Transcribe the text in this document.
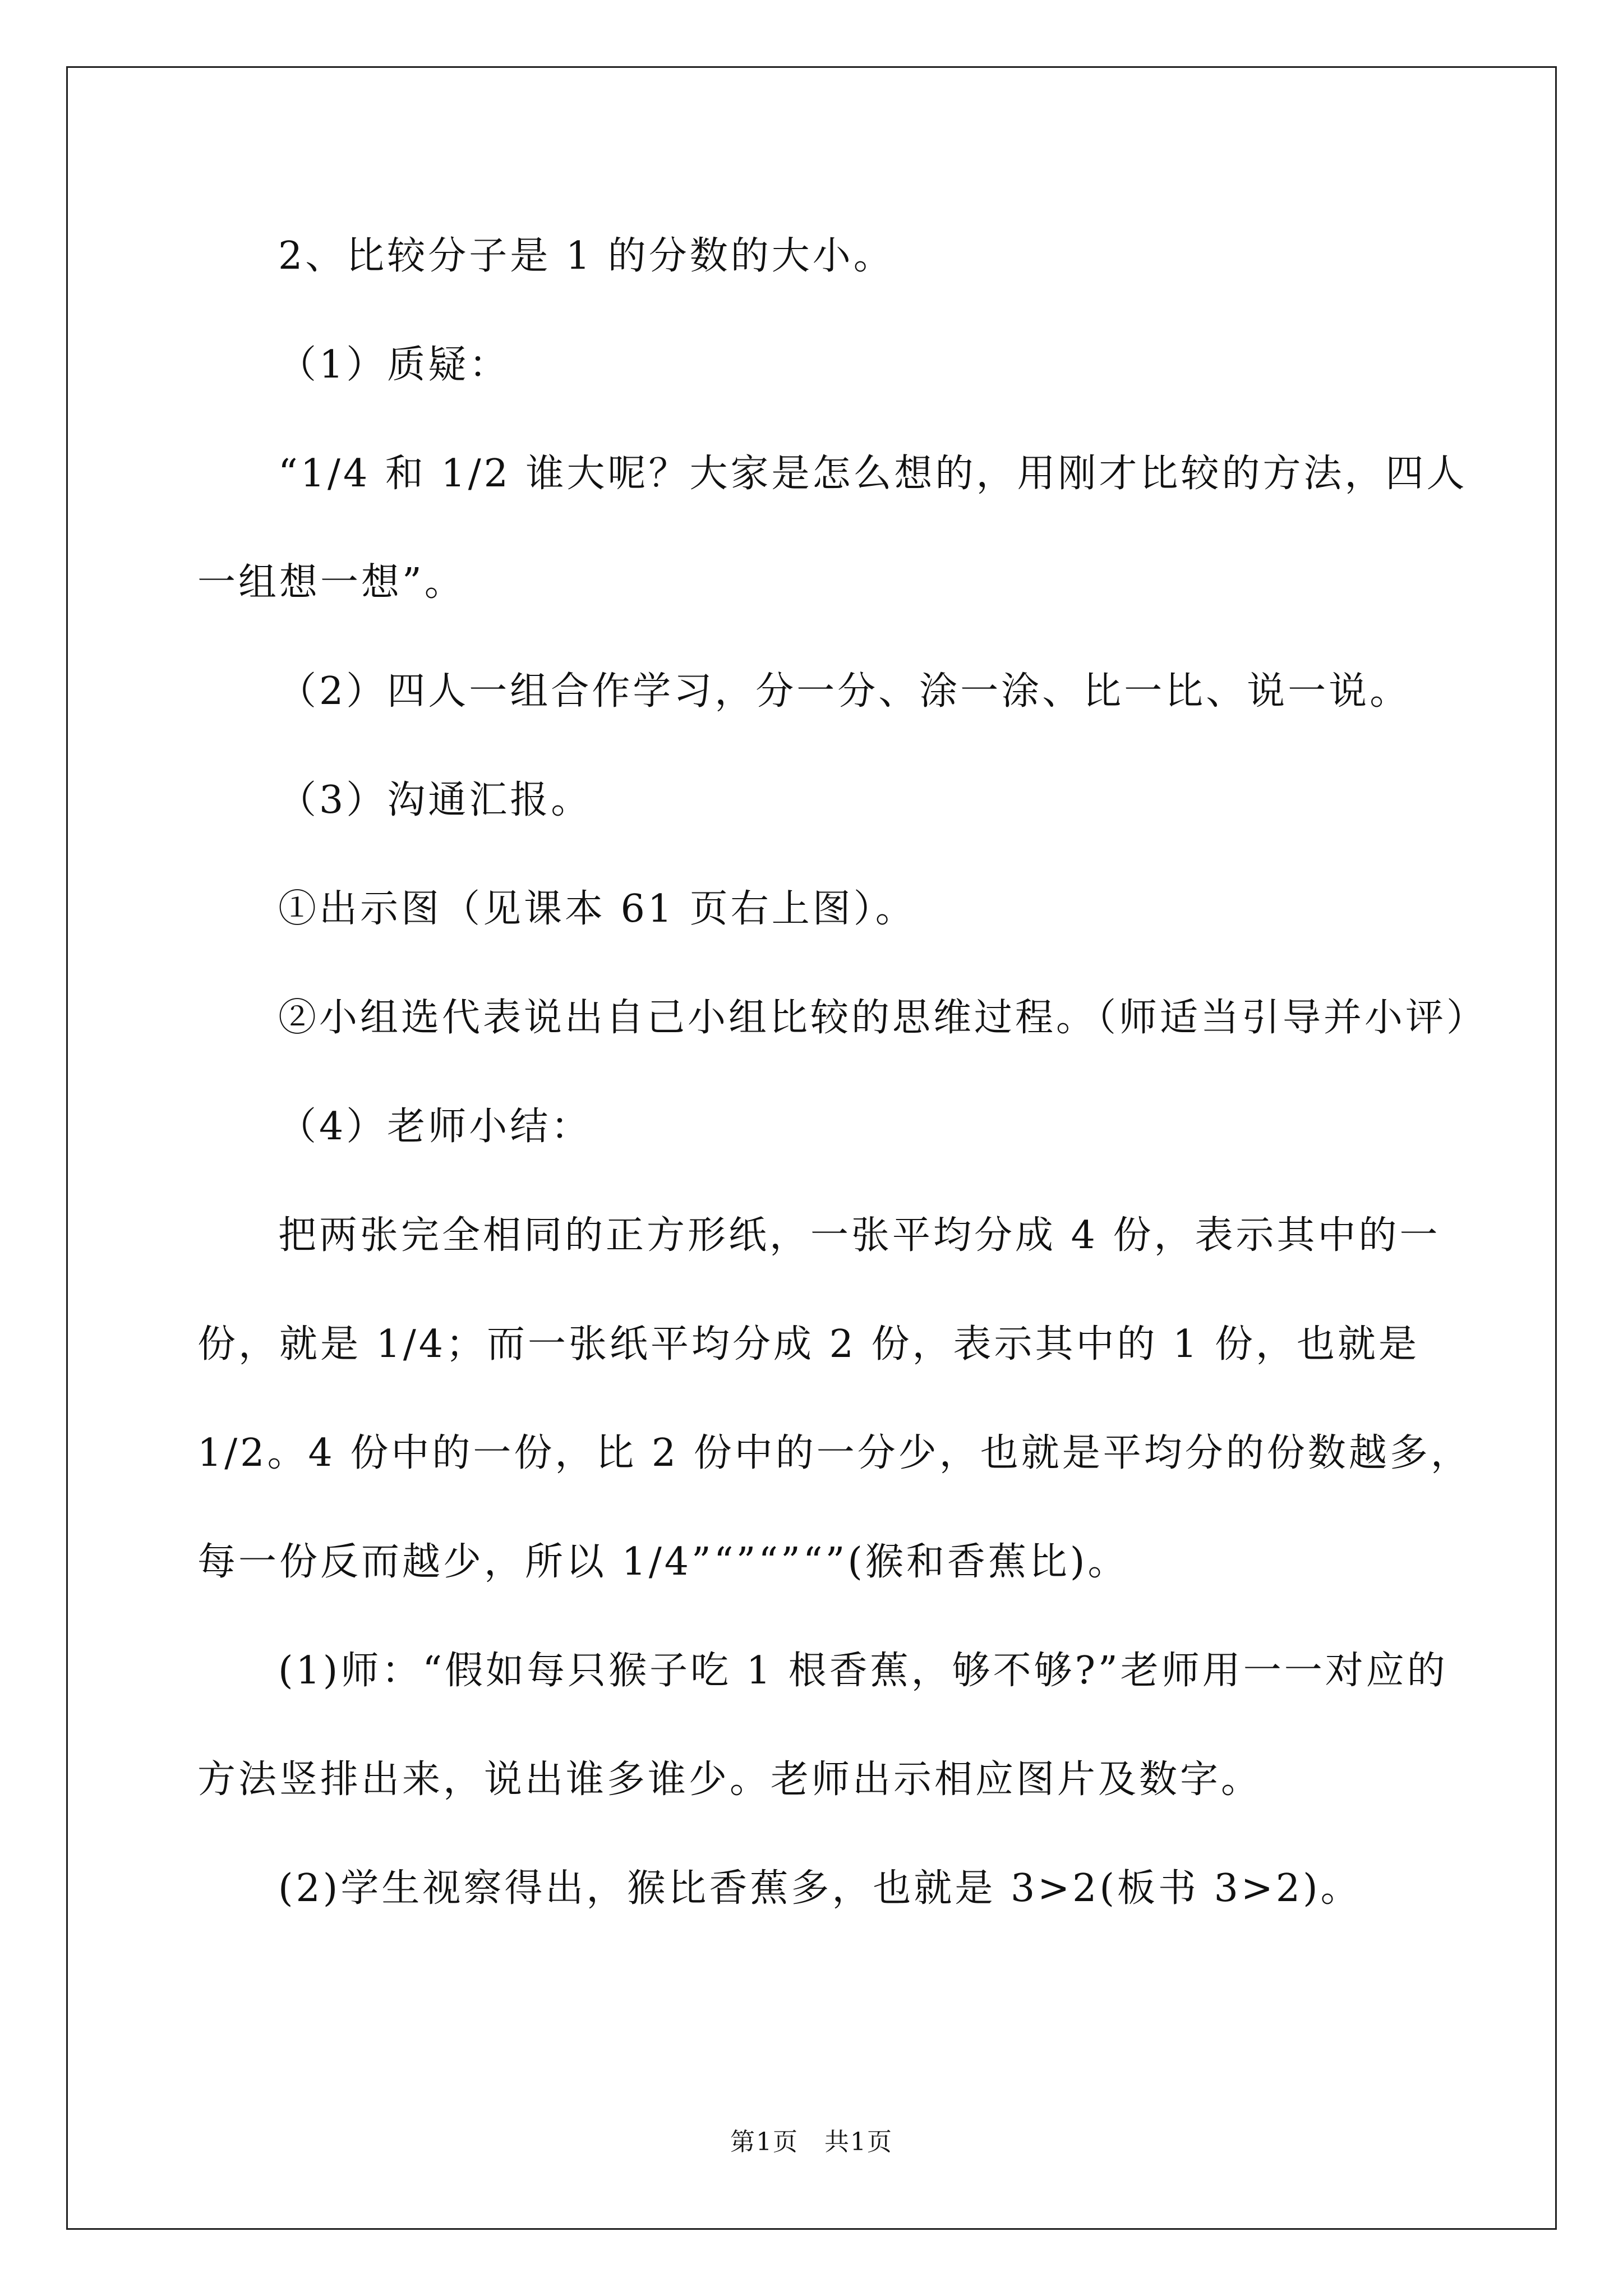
2、比较分子是 1 的分数的大小。

（1）质疑：

“1/4 和 1/2 谁大呢？大家是怎么想的，用刚才比较的方法，四人一组想一想”。

（2）四人一组合作学习，分一分、涂一涂、比一比、说一说。

（3）沟通汇报。

①出示图（见课本 61 页右上图）。

②小组选代表说出自己小组比较的思维过程。（师适当引导并小评）

（4）老师小结：

把两张完全相同的正方形纸，一张平均分成 4 份，表示其中的一份，就是 1/4；而一张纸平均分成 2 份，表示其中的 1 份，也就是 1/2。4 份中的一份，比 2 份中的一分少，也就是平均分的份数越多，每一份反而越少，所以 1/4”“”“”“”(猴和香蕉比)。

(1)师：“假如每只猴子吃 1 根香蕉，够不够?”老师用一一对应的方法竖排出来，说出谁多谁少。老师出示相应图片及数字。

(2)学生视察得出，猴比香蕉多，也就是 3>2(板书 3>2)。

第1页　共1页
